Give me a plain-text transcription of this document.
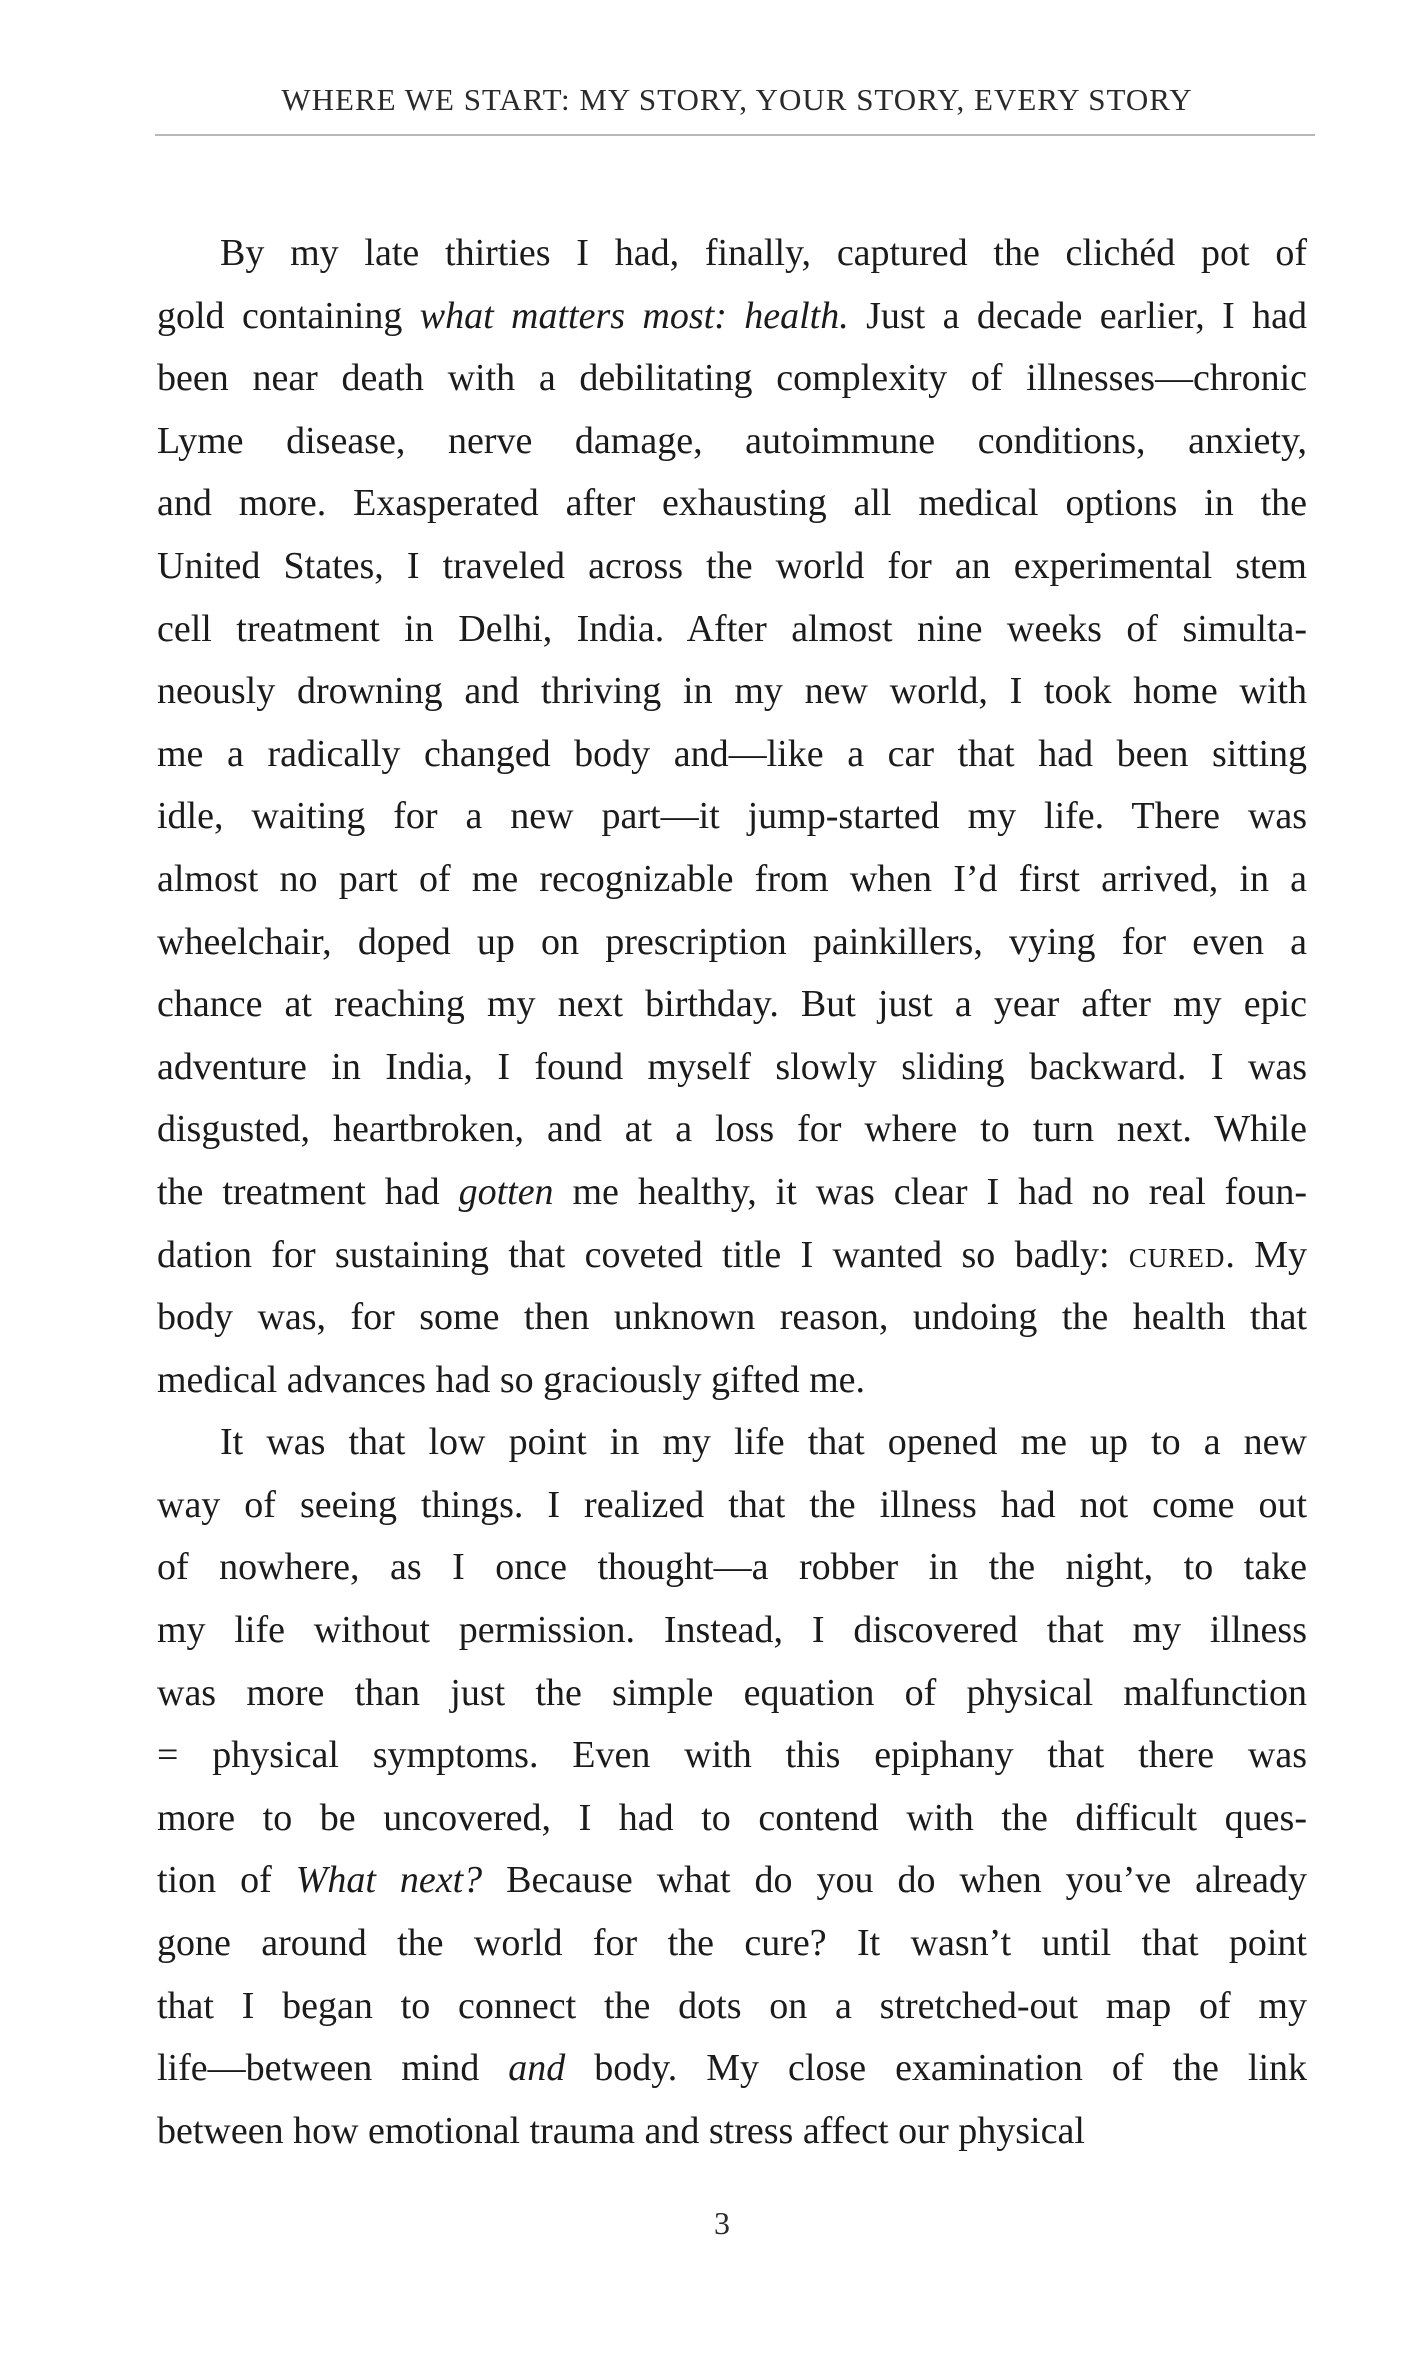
WHERE WE START: MY STORY, YOUR STORY, EVERY STORY
By my late thirties I had, finally, captured the clichéd pot of
gold containing what matters most: health. Just a decade earlier, I had
been near death with a debilitating complexity of illnesses—chronic
Lyme disease, nerve damage, autoimmune conditions, anxiety,
and more. Exasperated after exhausting all medical options in the
United States, I traveled across the world for an experimental stem
cell treatment in Delhi, India. After almost nine weeks of simulta-
neously drowning and thriving in my new world, I took home with
me a radically changed body and—like a car that had been sitting
idle, waiting for a new part—it jump-started my life. There was
almost no part of me recognizable from when I’d first arrived, in a
wheelchair, doped up on prescription painkillers, vying for even a
chance at reaching my next birthday. But just a year after my epic
adventure in India, I found myself slowly sliding backward. I was
disgusted, heartbroken, and at a loss for where to turn next. While
the treatment had gotten me healthy, it was clear I had no real foun-
dation for sustaining that coveted title I wanted so badly: cured. My
body was, for some then unknown reason, undoing the health that
medical advances had so graciously gifted me.
It was that low point in my life that opened me up to a new
way of seeing things. I realized that the illness had not come out
of nowhere, as I once thought—a robber in the night, to take
my life without permission. Instead, I discovered that my illness
was more than just the simple equation of physical malfunction
= physical symptoms. Even with this epiphany that there was
more to be uncovered, I had to contend with the difficult ques-
tion of What next? Because what do you do when you’ve already
gone around the world for the cure? It wasn’t until that point
that I began to connect the dots on a stretched-out map of my
life—between mind and body. My close examination of the link
between how emotional trauma and stress affect our physical
3
